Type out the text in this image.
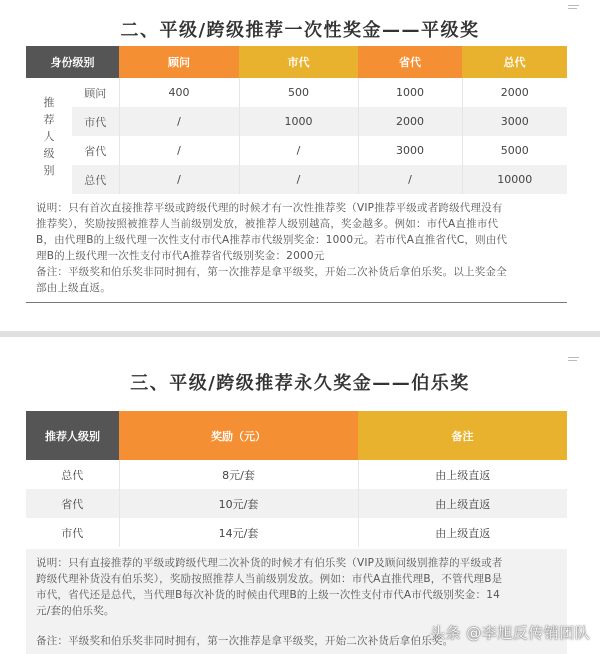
二、平级/跨级推荐一次性奖金——平级奖
身份级别		顾问	市代	省代	总代
推
荐
人
级
别	顾问	400	500	1000	2000
	市代	/	1000	2000	3000
	省代	/	/	3000	5000
	总代	/	/	/	10000
说明：只有首次直接推荐平级或跨级代理的时候才有一次性推荐奖（VIP推荐平级或者跨级代理没有
推荐奖），奖励按照被推荐人当前级别发放，被推荐人级别越高，奖金越多。例如：市代A直推市代
B，由代理B的上级代理一次性支付市代A推荐市代级别奖金：1000元。若市代A直推省代C，则由代
理B的上级代理一次性支付市代A推荐省代级别奖金：2000元
备注：平级奖和伯乐奖非同时拥有，第一次推荐是拿平级奖，开始二次补货后拿伯乐奖。以上奖金全
部由上级直返。
三、平级/跨级推荐永久奖金——伯乐奖
推荐人级别	奖励（元）	备注
总代	8元/套	由上级直返
省代	10元/套	由上级直返
市代	14元/套	由上级直返
说明：只有直接推荐的平级或跨级代理二次补货的时候才有伯乐奖（VIP及顾问级别推荐的平级或者
跨级代理补货没有伯乐奖），奖励按照推荐人当前级别发放。例如：市代A直推代理B，不管代理B是
市代，省代还是总代，当代理B每次补货的时候由代理B的上级一次性支付市代A市代级别奖金：14
元/套的伯乐奖。
备注：平级奖和伯乐奖非同时拥有，第一次推荐是拿平级奖，开始二次补货后拿伯乐奖。
头条 @李旭反传销团队
